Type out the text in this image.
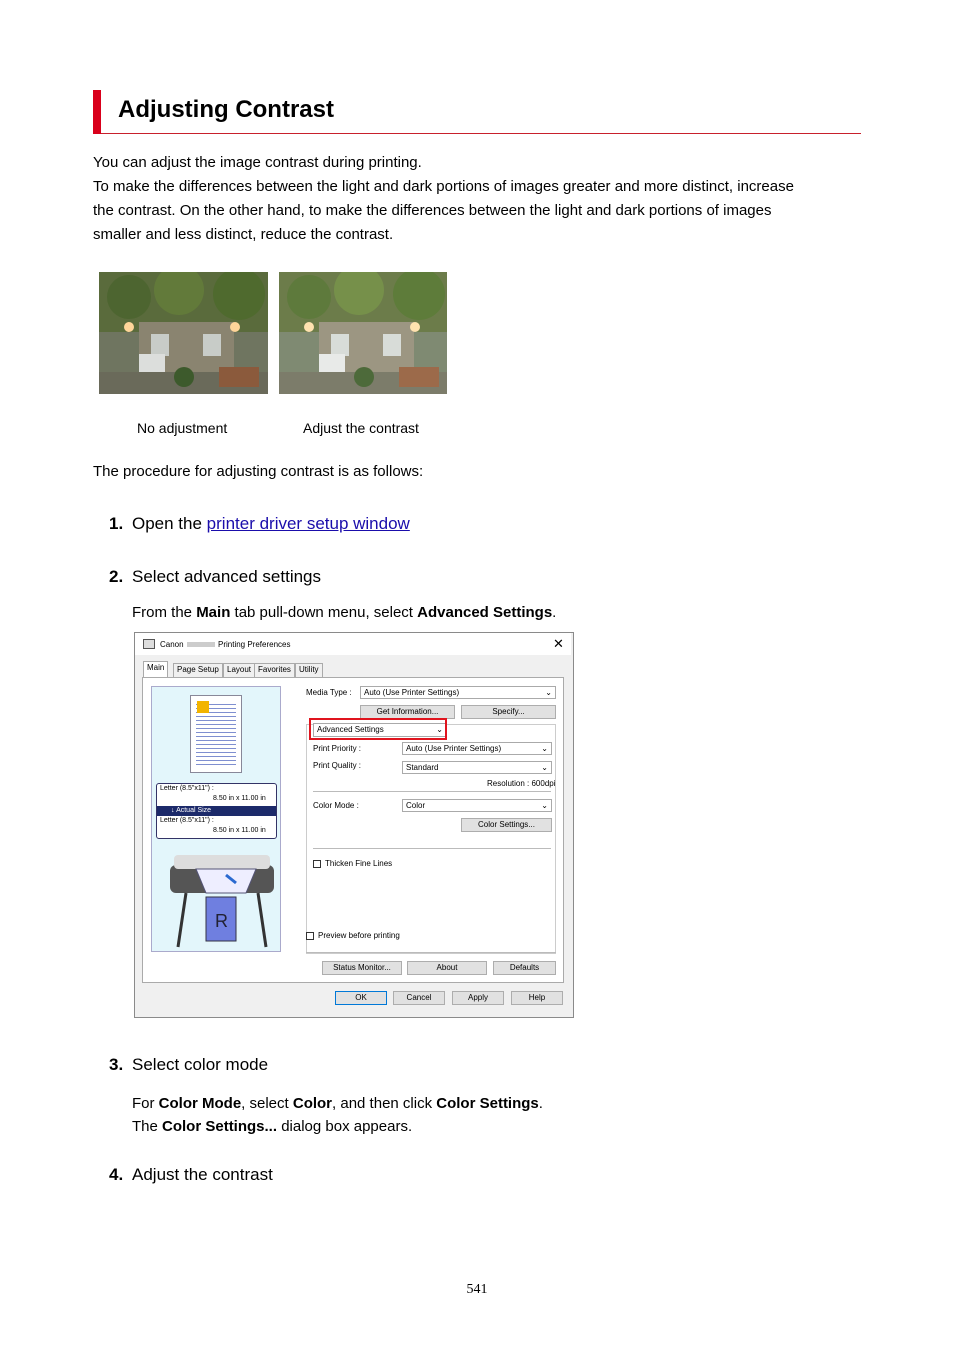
Adjusting Contrast
You can adjust the image contrast during printing.
To make the differences between the light and dark portions of images greater and more distinct, increase
the contrast. On the other hand, to make the differences between the light and dark portions of images
smaller and less distinct, reduce the contrast.
No adjustment	Adjust the contrast
The procedure for adjusting contrast is as follows:
1. Open the printer driver setup window
2. Select advanced settings
From the Main tab pull-down menu, select Advanced Settings.
Canon	Printing Preferences	✕
Main	Page Setup	Layout Favorites	Utility
Letter (8.5"x11") :
8.50 in x 11.00 in
↓ Actual Size
Letter (8.5"x11") :
8.50 in x 11.00 in
R
Media Type :	Auto (Use Printer Settings)	⌄
Get Information...	Specify...
Advanced Settings	⌄
Print Priority :	Auto (Use Printer Settings)	⌄
Print Quality :	Standard	⌄
Resolution : 600dpi
Color Mode :	Color	⌄
Color Settings...
Thicken Fine Lines
Preview before printing
Status Monitor...	About	Defaults
OK	Cancel	Apply	Help
3. Select color mode
For Color Mode, select Color, and then click Color Settings.
The Color Settings... dialog box appears.
4. Adjust the contrast
541
